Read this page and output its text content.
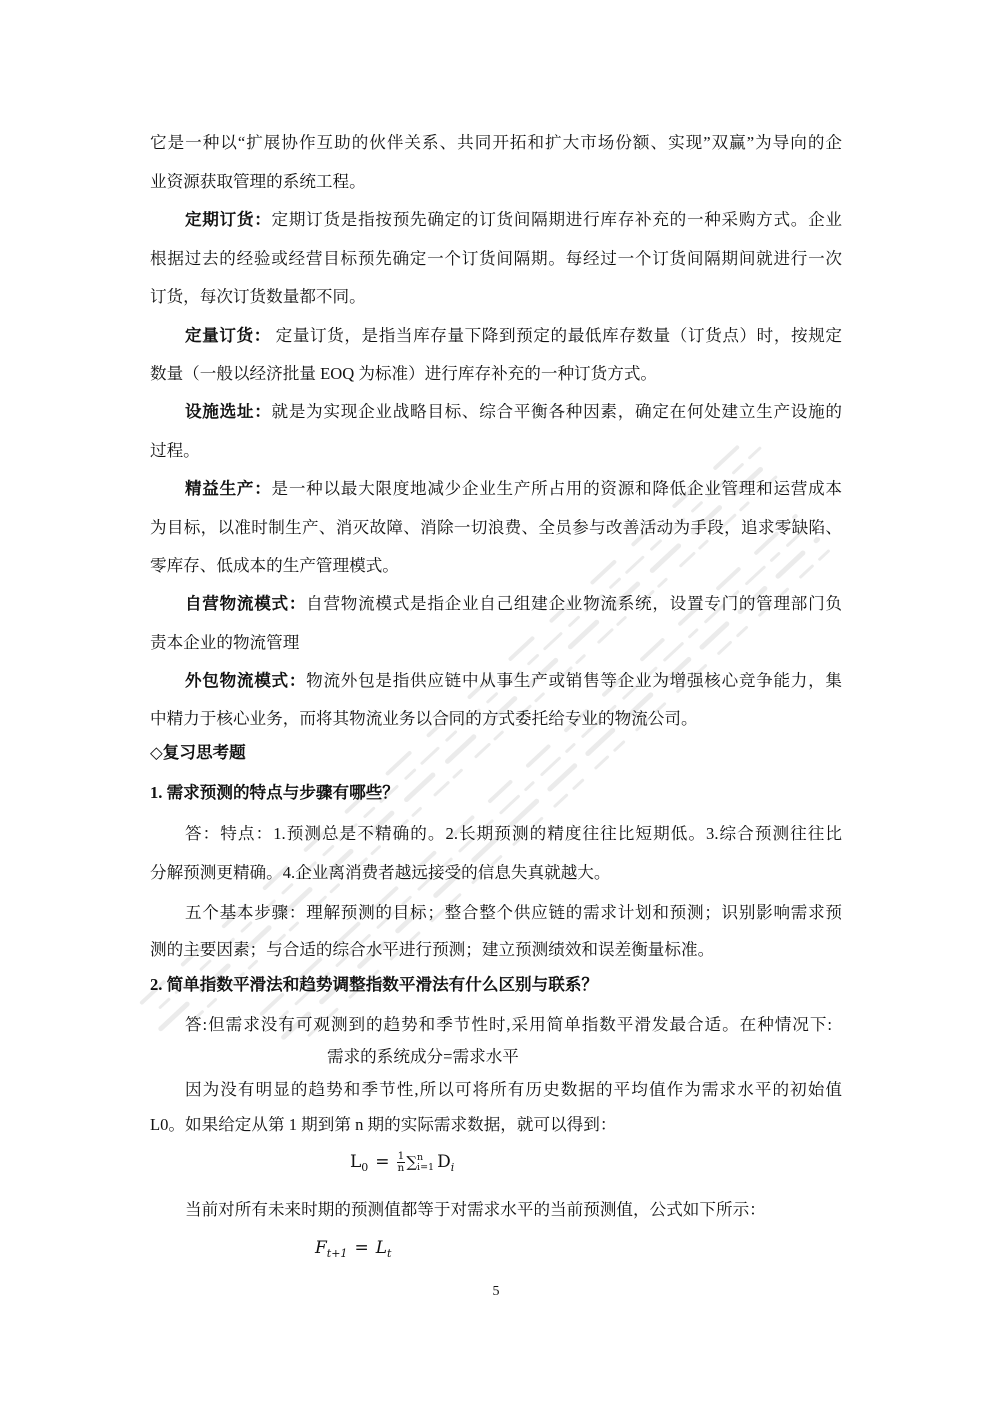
它是一种以“扩展协作互助的伙伴关系、共同开拓和扩大市场份额、实现”双赢”为导向的企
业资源获取管理的系统工程。
定期订货：定期订货是指按预先确定的订货间隔期进行库存补充的一种采购方式。企业
根据过去的经验或经营目标预先确定一个订货间隔期。每经过一个订货间隔期间就进行一次
订货，每次订货数量都不同。
定量订货： 定量订货，是指当库存量下降到预定的最低库存数量（订货点）时，按规定
数量（一般以经济批量 EOQ 为标准）进行库存补充的一种订货方式。
设施选址：就是为实现企业战略目标、综合平衡各种因素，确定在何处建立生产设施的
过程。
精益生产：是一种以最大限度地减少企业生产所占用的资源和降低企业管理和运营成本
为目标，以准时制生产、消灭故障、消除一切浪费、全员参与改善活动为手段，追求零缺陷、
零库存、低成本的生产管理模式。
自营物流模式：自营物流模式是指企业自己组建企业物流系统，设置专门的管理部门负
责本企业的物流管理
外包物流模式：物流外包是指供应链中从事生产或销售等企业为增强核心竞争能力，集
中精力于核心业务，而将其物流业务以合同的方式委托给专业的物流公司。
◇复习思考题
1. 需求预测的特点与步骤有哪些？
答：特点：1.预测总是不精确的。2.长期预测的精度往往比短期低。3.综合预测往往比
分解预测更精确。4.企业离消费者越远接受的信息失真就越大。
五个基本步骤：理解预测的目标；整合整个供应链的需求计划和预测；识别影响需求预
测的主要因素；与合适的综合水平进行预测；建立预测绩效和误差衡量标准。
2. 简单指数平滑法和趋势调整指数平滑法有什么区别与联系？
答:但需求没有可观测到的趋势和季节性时,采用简单指数平滑发最合适。在种情况下:
需求的系统成分=需求水平
因为没有明显的趋势和季节性,所以可将所有历史数据的平均值作为需求水平的初始值
L0。如果给定从第 1 期到第 n 期的实际需求数据，就可以得到：
$L_0 = \frac{1}{n}$ ∑ n
i=1 $D_i$
当前对所有未来时期的预测值都等于对需求水平的当前预测值，公式如下所示：
$F_{t+1} = L_t$
5
